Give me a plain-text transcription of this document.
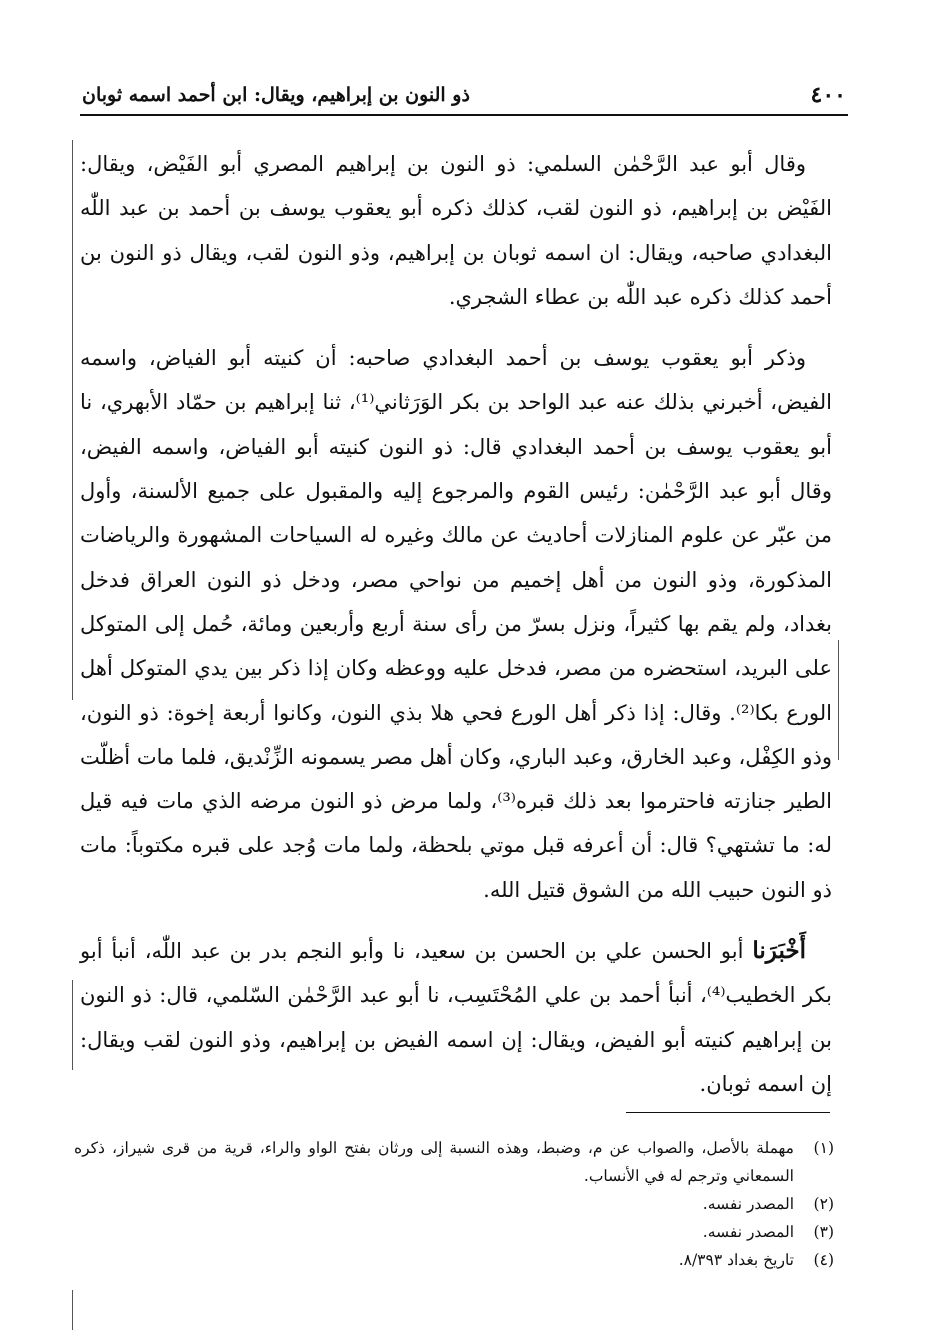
٤٠٠
ذو النون بن إبراهيم، ويقال: ابن أحمد اسمه ثوبان

وقال أبو عبد الرَّحْمٰن السلمي: ذو النون بن إبراهيم المصري أبو الفَيْض، ويقال: الفَيْض بن إبراهيم، ذو النون لقب، كذلك ذكره أبو يعقوب يوسف بن أحمد بن عبد اللّٰه البغدادي صاحبه، ويقال: ان اسمه ثوبان بن إبراهيم، وذو النون لقب، ويقال ذو النون بن أحمد كذلك ذكره عبد اللّٰه بن عطاء الشجري.

وذكر أبو يعقوب يوسف بن أحمد البغدادي صاحبه: أن كنيته أبو الفياض، واسمه الفيض، أخبرني بذلك عنه عبد الواحد بن بكر الوَرَثاني⁽¹⁾، ثنا إبراهيم بن حمّاد الأبهري، نا أبو يعقوب يوسف بن أحمد البغدادي قال: ذو النون كنيته أبو الفياض، واسمه الفيض، وقال أبو عبد الرَّحْمٰن: رئيس القوم والمرجوع إليه والمقبول على جميع الألسنة، وأول من عبّر عن علوم المنازلات أحاديث عن مالك وغيره له السياحات المشهورة والرياضات المذكورة، وذو النون من أهل إخميم من نواحي مصر، ودخل ذو النون العراق فدخل بغداد، ولم يقم بها كثيراً، ونزل بسرّ من رأى سنة أربع وأربعين ومائة، حُمل إلى المتوكل على البريد، استحضره من مصر، فدخل عليه ووعظه وكان إذا ذكر بين يدي المتوكل أهل الورع بكا⁽²⁾. وقال: إذا ذكر أهل الورع فحي هلا بذي النون، وكانوا أربعة إخوة: ذو النون، وذو الكِفْل، وعبد الخارق، وعبد الباري، وكان أهل مصر يسمونه الزِّنْديق، فلما مات أظلّت الطير جنازته فاحترموا بعد ذلك قبره⁽³⁾، ولما مرض ذو النون مرضه الذي مات فيه قيل له: ما تشتهي؟ قال: أن أعرفه قبل موتي بلحظة، ولما مات وُجد على قبره مكتوباً: مات ذو النون حبيب الله من الشوق قتيل الله.

أَخْبَرَنا أبو الحسن علي بن الحسن بن سعيد، نا وأبو النجم بدر بن عبد اللّٰه، أنبأ أبو بكر الخطيب⁽⁴⁾، أنبأ أحمد بن علي المُحْتَسِب، نا أبو عبد الرَّحْمٰن السّلمي، قال: ذو النون بن إبراهيم كنيته أبو الفيض، ويقال: إن اسمه الفيض بن إبراهيم، وذو النون لقب ويقال: إن اسمه ثوبان.

(١)
مهملة بالأصل، والصواب عن م، وضبط، وهذه النسبة إلى ورثان بفتح الواو والراء، قرية من قرى شيراز، ذكره السمعاني وترجم له في الأنساب.
(٢)
المصدر نفسه.
(٣)
المصدر نفسه.
(٤)
تاريخ بغداد ٨/٣٩٣.
